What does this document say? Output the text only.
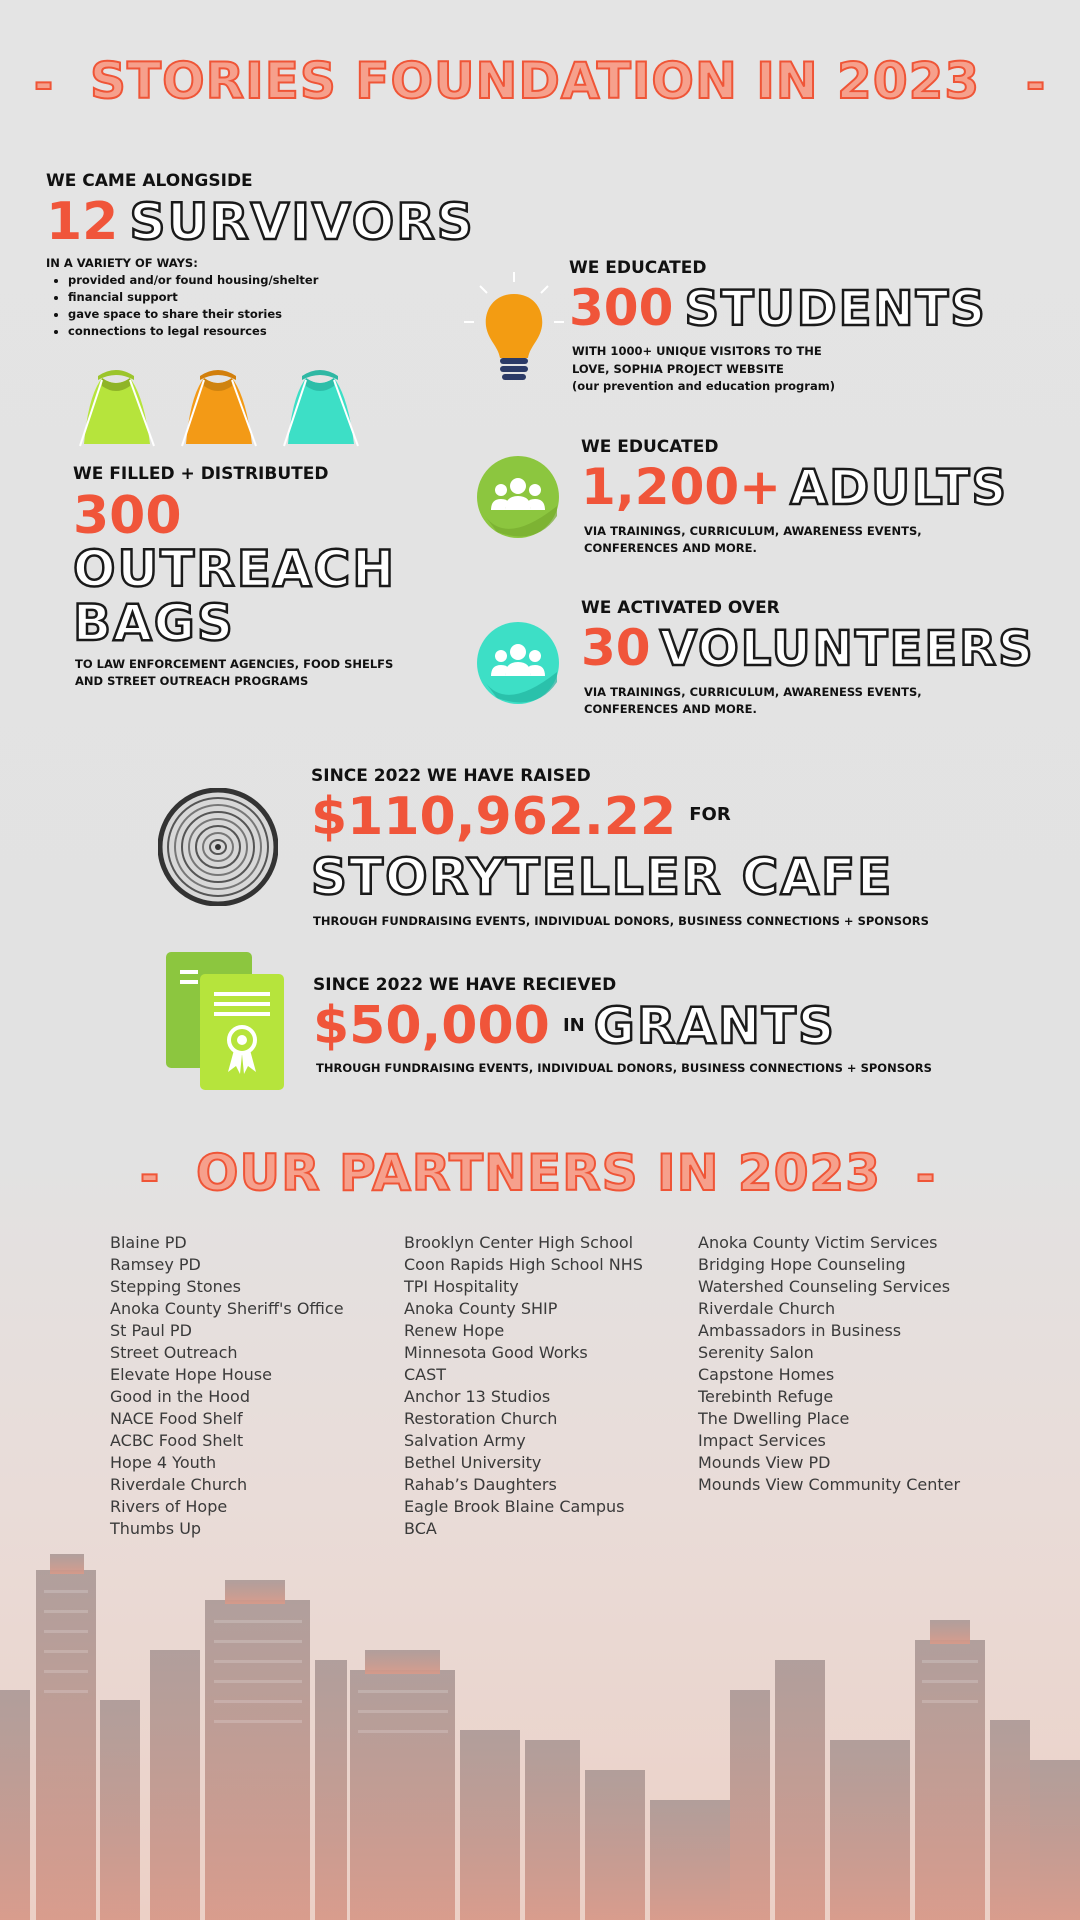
- STORIES FOUNDATION IN 2023 -
WE CAME ALONGSIDE
12 SURVIVORS
IN A VARIETY OF WAYS:
• provided and/or found housing/shelter
• financial support
• gave space to share their stories
• connections to legal resources
WE FILLED + DISTRIBUTED
300
OUTREACH
BAGS
TO LAW ENFORCEMENT AGENCIES, FOOD SHELFS
AND STREET OUTREACH PROGRAMS
WE EDUCATED
300 STUDENTS
WITH 1000+ UNIQUE VISITORS TO THE
LOVE, SOPHIA PROJECT WEBSITE
(our prevention and education program)
WE EDUCATED
1,200+ ADULTS
VIA TRAININGS, CURRICULUM, AWARENESS EVENTS,
CONFERENCES AND MORE.
WE ACTIVATED OVER
30 VOLUNTEERS
VIA TRAININGS, CURRICULUM, AWARENESS EVENTS,
CONFERENCES AND MORE.
SINCE 2022 WE HAVE RAISED
$110,962.22 FOR
STORYTELLER CAFE
THROUGH FUNDRAISING EVENTS, INDIVIDUAL DONORS, BUSINESS CONNECTIONS + SPONSORS
SINCE 2022 WE HAVE RECIEVED
$50,000 IN GRANTS
THROUGH FUNDRAISING EVENTS, INDIVIDUAL DONORS, BUSINESS CONNECTIONS + SPONSORS
- OUR PARTNERS IN 2023 -
Blaine PD
Ramsey PD
Stepping Stones
Anoka County Sheriff's Office
St Paul PD
Street Outreach
Elevate Hope House
Good in the Hood
NACE Food Shelf
ACBC Food Shelt
Hope 4 Youth
Riverdale Church
Rivers of Hope
Thumbs Up
Brooklyn Center High School
Coon Rapids High School NHS
TPI Hospitality
Anoka County SHIP
Renew Hope
Minnesota Good Works
CAST
Anchor 13 Studios
Restoration Church
Salvation Army
Bethel University
Rahab’s Daughters
Eagle Brook Blaine Campus
BCA
Anoka County Victim Services
Bridging Hope Counseling
Watershed Counseling Services
Riverdale Church
Ambassadors in Business
Serenity Salon
Capstone Homes
Terebinth Refuge
The Dwelling Place
Impact Services
Mounds View PD
Mounds View Community Center
